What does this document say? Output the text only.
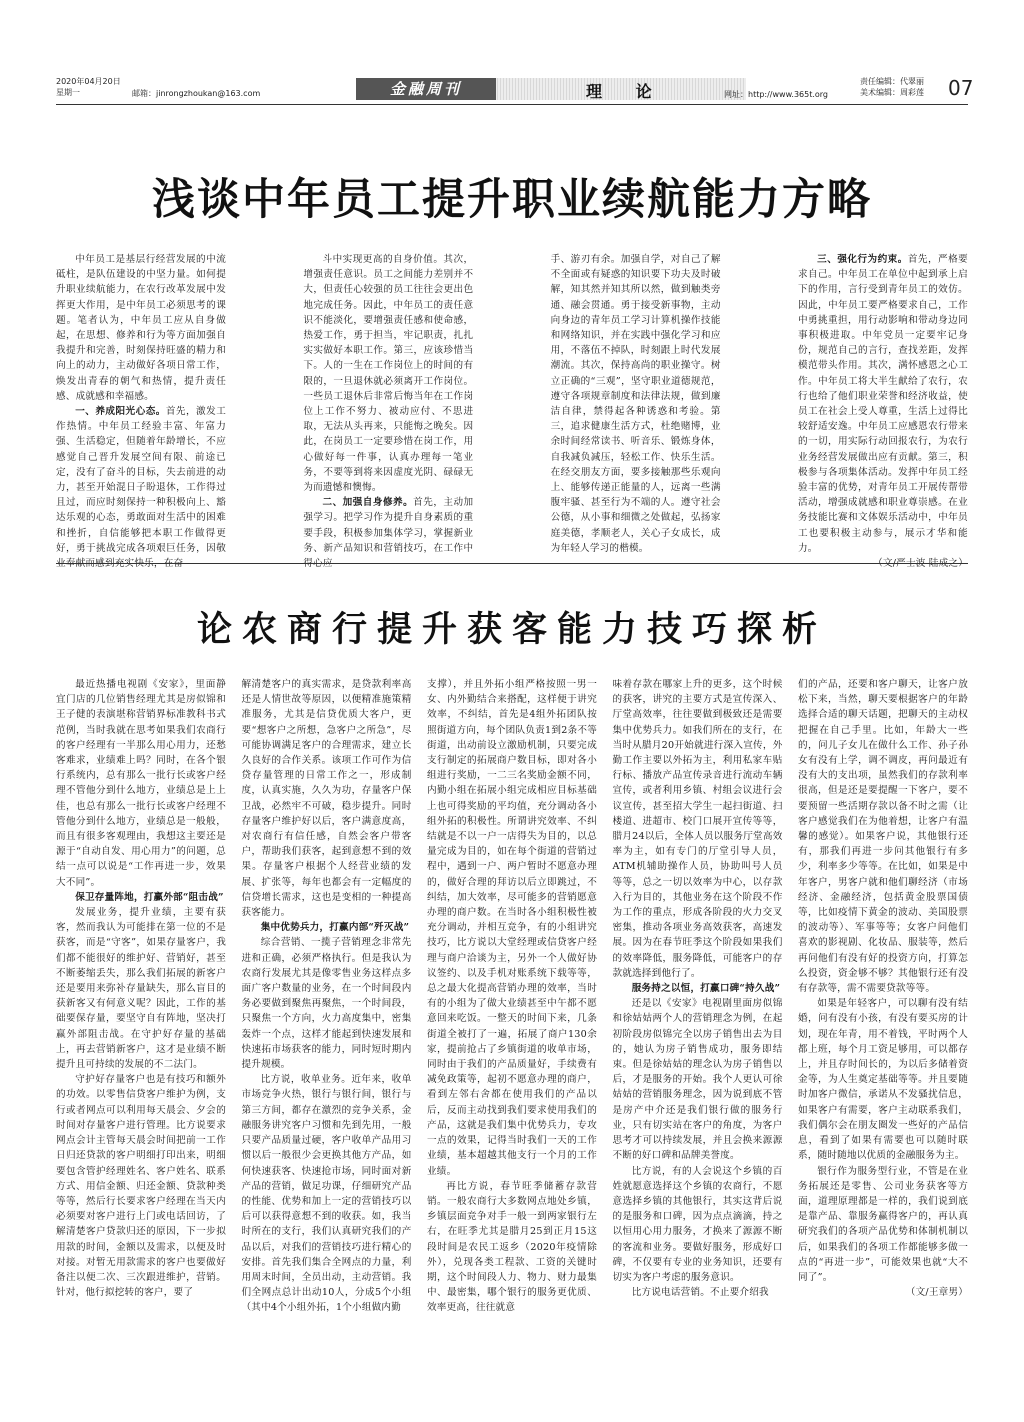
2020年04月20日
星期一	邮箱：jinrongzhoukan@163.com	金融周刊	理 论	网址：http://www.365t.org
责任编辑：代翠丽
美术编辑：周彩莲 07
浅谈中年员工提升职业续航能力方略

中年员工是基层行经营发展的中流砥柱，是队伍建设的中坚力量。如何提升职业续航能力，在农行改革发展中发挥更大作用，是中年员工必须思考的课题。笔者认为，中年员工应从自身做起，在思想、修养和行为等方面加强自我提升和完善，时刻保持旺盛的精力和向上的动力，主动做好各项日常工作，焕发出青春的朝气和热情，提升责任感、成就感和幸福感。

一、养成阳光心态。首先，激发工作热情。中年员工经验丰富、年富力强、生活稳定，但随着年龄增长，不应感觉自己晋升发展空间有限、前途已定，没有了奋斗的目标，失去前进的动力，甚至开始混日子盼退休，工作得过且过，而应时刻保持一种积极向上、豁达乐观的心态，勇敢面对生活中的困难和挫折，自信能够把本职工作做得更好，勇于挑战完成各项艰巨任务，因敬业奉献而感到充实快乐，在奋

斗中实现更高的自身价值。其次，增强责任意识。员工之间能力差别并不大，但责任心较强的员工往往会更出色地完成任务。因此，中年员工的责任意识不能淡化，要增强责任感和使命感，热爱工作，勇于担当，牢记职责，扎扎实实做好本职工作。第三，应该珍惜当下。人的一生在工作岗位上的时间的有限的，一旦退休就必须离开工作岗位。一些员工退休后非常后悔当年在工作岗位上工作不努力、被动应付、不思进取，无法从头再来，只能悔之晚矣。因此，在岗员工一定要珍惜在岗工作，用心做好每一件事，认真办理每一笔业务，不要等到将来因虚度光阴、碌碌无为而遗憾和懊悔。

二、加强自身修养。首先，主动加强学习。把学习作为提升自身素质的重要手段，积极参加集体学习，掌握新业务、新产品知识和营销技巧，在工作中得心应

手、游刃有余。加强自学，对自己了解不全面或有疑惑的知识要下功夫及时破解，知其然并知其所以然，做到触类旁通、融会贯通。勇于接受新事物，主动向身边的青年员工学习计算机操作技能和网络知识，并在实践中强化学习和应用，不落伍不掉队，时刻跟上时代发展潮流。其次，保持高尚的职业操守。树立正确的“三观”，坚守职业道德规范，遵守各项规章制度和法律法规，做到廉洁自律，禁得起各种诱惑和考验。第三，追求健康生活方式，杜绝赌博，业余时间经常读书、听音乐、锻炼身体，自我减负减压，轻松工作、快乐生活。在经交朋友方面，要多接触那些乐观向上、能够传递正能量的人，远离一些满腹牢骚、甚至行为不端的人。遵守社会公德，从小事和细微之处做起，弘扬家庭美德，孝顺老人，关心子女成长，成为年轻人学习的楷模。

三、强化行为约束。首先，严格要求自己。中年员工在单位中起到承上启下的作用，言行受到青年员工的效仿。因此，中年员工要严格要求自己，工作中勇挑重担，用行动影响和带动身边同事积极进取。中年党员一定要牢记身份，规范自己的言行，查找差距，发挥模范带头作用。其次，满怀感恩之心工作。中年员工将大半生献给了农行，农行也给了他们职业荣誉和经济收益，使员工在社会上受人尊重，生活上过得比较舒适安逸。中年员工应感恩农行带来的一切，用实际行动回报农行，为农行业务经营发展做出应有贡献。第三，积极参与各项集体活动。发挥中年员工经验丰富的优势，对青年员工开展传帮带活动，增强成就感和职业尊崇感。在业务技能比赛和文体娱乐活动中，中年员工也要积极主动参与，展示才华和能力。

（文/严士波 陆成之）
论农商行提升获客能力技巧探析

最近热播电视剧《安家》，里面静宜门店的几位销售经理尤其是房似锦和王子健的表演堪称营销界标准教科书式范例，当时我就在思考如果我们农商行的客户经理有一半那么用心用力，还愁客难求，业绩难上吗？同时，在各个银行系统内，总有那么一批行长或客户经理不管他分到什么地方，业绩总是上上佳，也总有那么一批行长或客户经理不管他分到什么地方，业绩总是一般般，而且有很多客观理由，我想这主要还是源于“自动自发、用心用力”的问题，总结一点可以说是“工作再进一步，效果大不同”。

保卫存量阵地，打赢外部“阻击战”

发展业务，提升业绩，主要有获客，然而我认为可能排在第一位的不是获客，而是“守客”，如果存量客户，我们都不能很好的维护好、营销好，甚至不断萎缩丢失，那么我们拓展的新客户还是要用来弥补存量缺失，那么盲目的获新客又有何意义呢？因此，工作的基础要保存量，要坚守自有阵地，坚决打赢外部阻击战。在守护好存量的基础上，再去营销新客户，这才是业绩不断提升且可持续的发展的不二法门。

守护好存量客户也是有技巧和额外的功效。以零售信贷客户维护为例，支行或者网点可以利用每天晨会、夕会的时间对存量客户进行管理。比方说要求网点会计主管每天晨会时间把前一工作日归还贷款的客户明细打印出来，明细要包含管护经理姓名、客户姓名、联系方式、用信金额、归还金额、贷款种类等等，然后行长要求客户经理在当天内必须要对客户进行上门或电话回访，了解清楚客户贷款归还的原因，下一步拟用款的时间，金额以及需求，以便及时对接。对暂无用款需求的客户也要做好备注以便二次、三次跟进维护，营销。针对，他行拟挖转的客户，要了

解清楚客户的真实需求，是贷款利率高还是人情世故等原因，以便精准施策精准服务，尤其是信贷优质大客户，更要“想客户之所想，急客户之所急”，尽可能协调满足客户的合理需求，建立长久良好的合作关系。该项工作可作为信贷存量管理的日常工作之一，形成制度，认真实施，久久为功，存量客户保卫战，必然牢不可破，稳步提升。同时存量客户维护好以后，客户满意度高，对农商行有信任感，自然会客户带客户，帮助我们获客，起到意想不到的效果。存量客户根据个人经营业绩的发展、扩张等，每年也都会有一定幅度的信贷增长需求，这也是变相的一种提高获客能力。

集中优势兵力，打赢内部“歼灭战”

综合营销、一揽子营销理念非常先进和正确，必须严格执行。但是我认为农商行发展尤其是像零售业务这样点多面广客户数量的业务，在一个时间段内务必要做到聚焦再聚焦，一个时间段，只聚焦一个方向，火力高度集中，密集轰炸一个点，这样才能起到快速发展和快速拓市场获客的能力，同时短时期内提升规模。

比方说，收单业务。近年来，收单市场竞争火热，银行与银行间，银行与第三方间，都存在激烈的竞争关系，金融服务讲究客户习惯和先到先用，一般只要产品质量过硬，客户收单产品用习惯以后一般很少会更换其他方产品，如何快速获客、快速抢市场，同时面对新产品的营销，做足功课，仔细研究产品的性能、优势和加上一定的营销技巧以后可以获得意想不到的收获。如，我当时所在的支行，我们认真研究我们的产品以后，对我们的营销技巧进行精心的安排。首先我们集合全网点的力量，利用周末时间，全员出动，主动营销。我们全网点总计出动10人，分成5个小组（其中4个小组外拓，1个小组做内勤

支撑），并且外拓小组严格按照一男一女、内外勤结合来搭配，这样便于讲究效率，不纠结，首先是4组外拓团队按照街道方向，每个团队负责1到2条不等街道，出动前设立激励机制，只要完成支行制定的拓展商户数目标，即对各小组进行奖励，一二三名奖励金额不同，内勤小组在拓展小组完成相应目标基础上也可得奖励的平均值，充分调动各小组外拓的积极性。所谓讲究效率、不纠结就是不以一户一店得失为目的，以总量完成为目的，如在每个街道的营销过程中，遇到一户、两户暂时不愿意办理的，做好合理的拜访以后立即跳过，不纠结，加大效率，尽可能多的营销愿意办理的商户数。在当时各小组积极性被充分调动，并相互竞争，有的小组讲究技巧，比方说以大堂经理或信贷客户经理与商户洽谈为主，另外一个人做好协议签约、以及手机对账系统下载等等，总之最大化提高营销办理的效率，当时有的小组为了做大业绩甚至中午都不愿意回来吃饭。一整天的时间下来，几条街道全被打了一遍，拓展了商户130余家，提前抢占了乡镇街道的收单市场，同时由于我们的产品质量好，手续费有减免政策等，起初不愿意办理的商户，看到左邻右舍都在使用我们的产品以后，反而主动找到我们要求使用我们的产品，这就是我们集中优势兵力，专攻一点的效果，记得当时我们一天的工作业绩，基本超越其他支行一个月的工作业绩。

再比方说，春节旺季储蓄存款营销。一般农商行大多数网点地处乡镇，乡镇层面竞争对手一般一到两家银行左右，在旺季尤其是腊月25到正月15这段时间是农民工返乡（2020年疫情除外），兑现各类工程款、工资的关键时期，这个时间段人力、物力、财力最集中、最密集，哪个银行的服务更优质、效率更高，往往就意

味着存款在哪家上升的更多，这个时候的获客，讲究的主要方式是宣传深入、厅堂高效率，往往要做到极致还是需要集中优势兵力。如我们所在的支行，在当时从腊月20开始就进行深入宣传，外勤工作主要以外拓为主，利用私家车贴行标、播放产品宣传录音进行流动车辆宣传，或者利用乡镇、村组会议进行会议宣传，甚至招大学生一起扫街道、扫楼道、进超市、校门口展开宣传等等，腊月24以后，全体人员以服务厅堂高效率为主，如有专门的厅堂引导人员，ATM机辅助操作人员，协助叫号人员等等，总之一切以效率为中心，以存款入行为目的，其他业务在这个阶段不作为工作的重点，形成各阶段的火力交叉密集，推动各项业务高效获客，高速发展。因为在春节旺季这个阶段如果我们的效率降低，服务降低，可能客户的存款就选择到他行了。

服务持之以恒，打赢口碑“持久战”

还是以《安家》电视剧里面房似锦和徐姑姑两个人的营销理念为例，在起初阶段房似锦完全以房子销售出去为目的，她认为房子销售成功，服务即结束。但是徐姑姑的理念认为房子销售以后，才是服务的开始。我个人更认可徐姑姑的营销服务理念，因为说到底不管是房产中介还是我们银行做的服务行业，只有切实站在客户的角度，为客户思考才可以持续发展，并且会换来源源不断的好口碑和品牌美誉度。

比方说，有的人会说这个乡镇的百姓就愿意选择这个乡镇的农商行，不愿意选择乡镇的其他银行，其实这背后说的是服务和口碑，因为点点滴滴，持之以恒用心用力服务，才换来了源源不断的客流和业务。要做好服务，形成好口碑，不仅要有专业的业务知识，还要有切实为客户考虑的服务意识。

比方说电话营销。不止要介绍我

们的产品，还要和客户聊天，让客户放松下来，当然，聊天要根据客户的年龄选择合适的聊天话题，把聊天的主动权把握在自己手里。比如，年龄大一些的，问儿子女儿在做什么工作、孙子孙女有没有上学，调不调皮，再问最近有没有大的支出项，虽然我们的存款利率很高，但是还是要提醒一下客户，要不要预留一些活期存款以备不时之需（让客户感觉我们在为他着想，让客户有温馨的感觉）。如果客户说，其他银行还有，那我们再进一步问其他银行有多少，利率多少等等。在比如，如果是中年客户，男客户就和他们聊经济（市场经济、金融经济，包括黄金股票国债等，比如疫情下黄金的波动、美国股票的波动等）、军事等等；女客户问他们喜欢的影视剧、化妆品、服装等，然后再问他们有没有好的投资方向，打算怎么投资，资金够不够？其他银行还有没有存款等，需不需要贷款等等。

如果是年轻客户，可以聊有没有结婚，问有没有小孩，有没有要买房的计划，现在年青，用不着钱，平时两个人都上班，每个月工资足够用，可以都存上，并且存时间长的，为以后多储着资金等，为人生奠定基础等等。并且要随时加客户微信，承诺从不发骚扰信息，如果客户有需要，客户主动联系我们，我们偶尔会在朋友圈发一些好的产品信息，看到了如果有需要也可以随时联系，随时随地以优质的金融服务为主。

银行作为服务型行业，不管是在业务拓展还是零售、公司业务获客等方面，道理原理都是一样的，我们说到底是靠产品、靠服务赢得客户的，再认真研究我们的各项产品优势和体制机制以后，如果我们的各项工作都能够多做一点的“再进一步”，可能效果也就“大不同了”。

（文/王章男）
